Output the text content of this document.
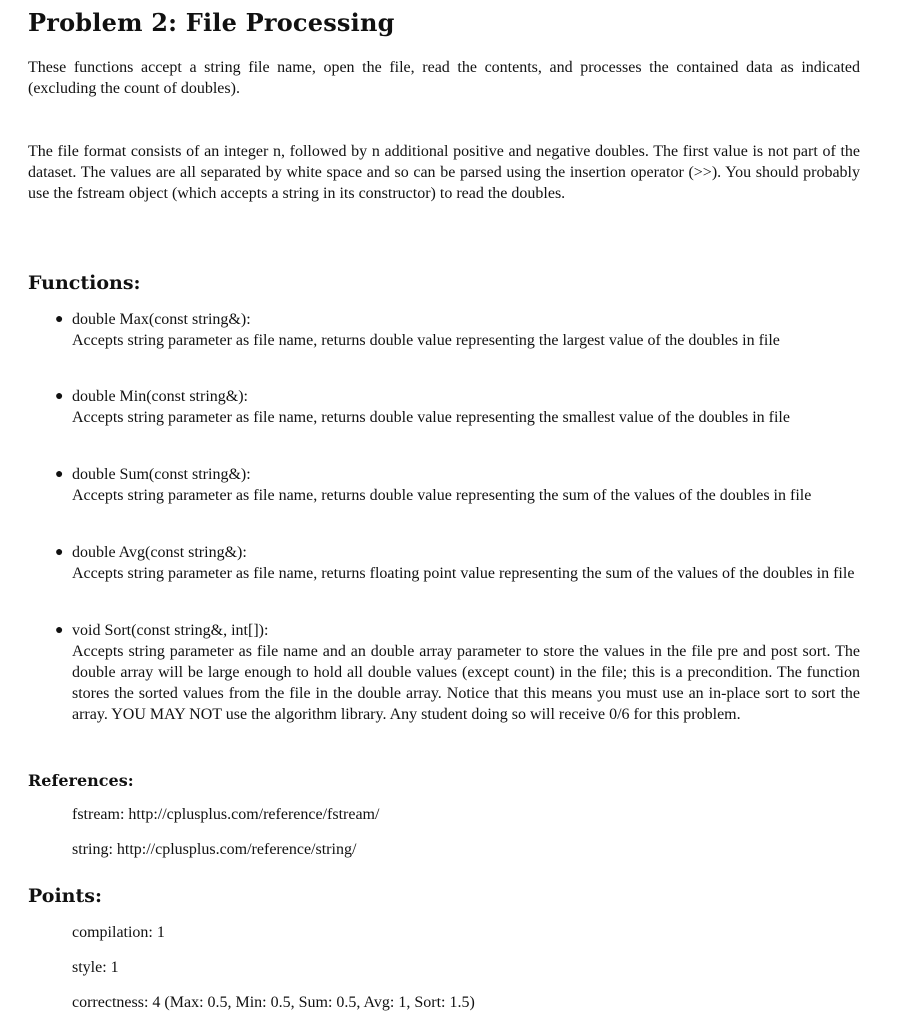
Problem 2: File Processing

These functions accept a string file name, open the file, read the contents, and processes the contained data as indicated (excluding the count of doubles).

The file format consists of an integer n, followed by n additional positive and negative doubles. The first value is not part of the dataset. The values are all separated by white space and so can be parsed using the insertion operator (>>). You should probably use the fstream object (which accepts a string in its constructor) to read the doubles.

Functions:
● double Max(const string&):
Accepts string parameter as file name, returns double value representing the largest value of the doubles in file
● double Min(const string&):
Accepts string parameter as file name, returns double value representing the smallest value of the doubles in file
● double Sum(const string&):
Accepts string parameter as file name, returns double value representing the sum of the values of the doubles in file
● double Avg(const string&):
Accepts string parameter as file name, returns floating point value representing the sum of the values of the doubles in file
● void Sort(const string&, int[]):
Accepts string parameter as file name and an double array parameter to store the values in the file pre and post sort. The double array will be large enough to hold all double values (except count) in the file; this is a precondition. The function stores the sorted values from the file in the double array. Notice that this means you must use an in-place sort to sort the array. YOU MAY NOT use the algorithm library. Any student doing so will receive 0/6 for this problem.
References:
fstream: http://cplusplus.com/reference/fstream/
string: http://cplusplus.com/reference/string/
Points:
compilation: 1
style: 1
correctness: 4 (Max: 0.5, Min: 0.5, Sum: 0.5, Avg: 1, Sort: 1.5)
